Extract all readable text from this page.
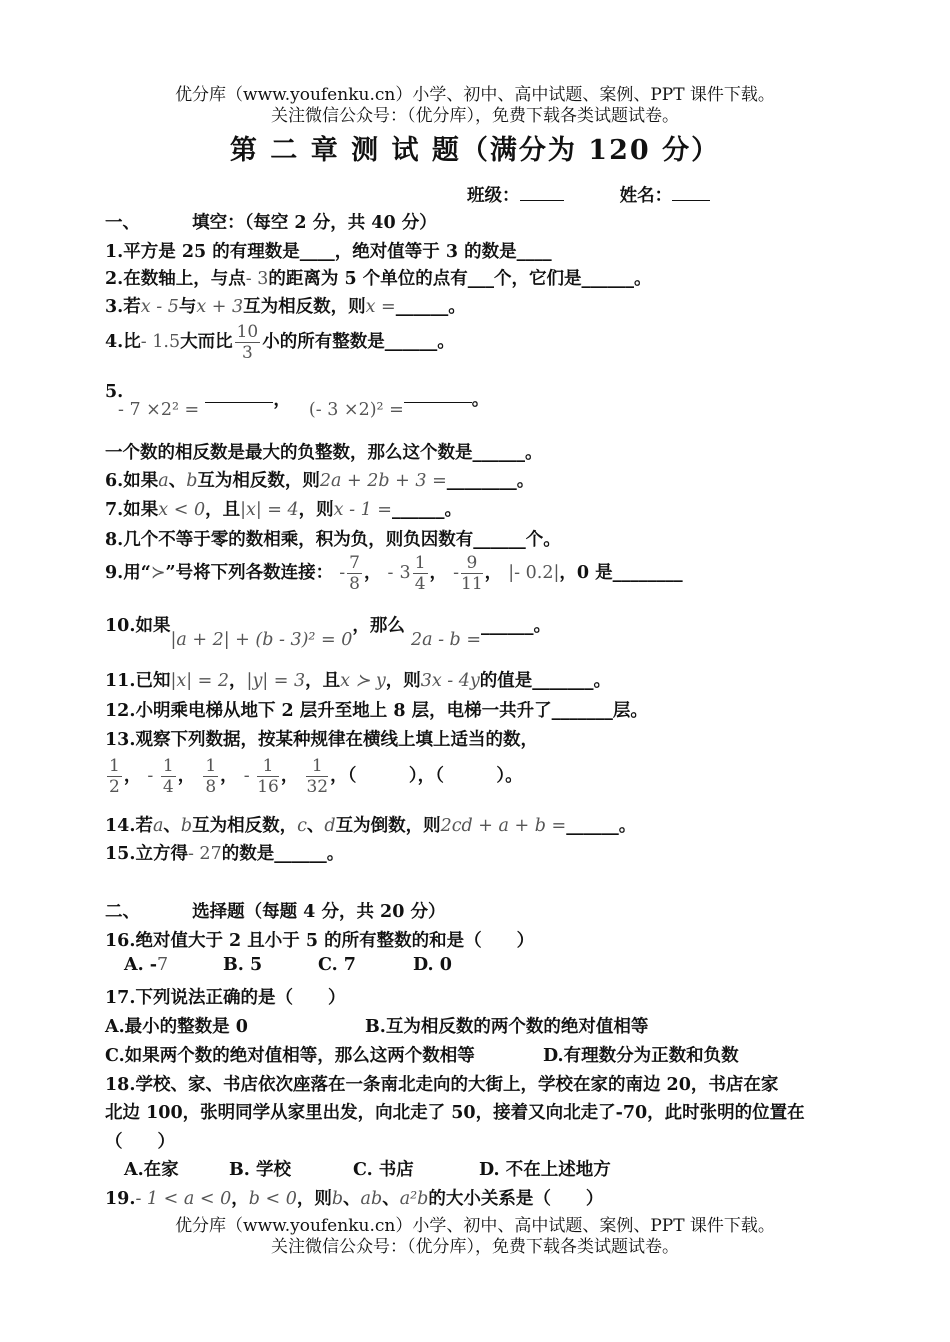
优分库（www.youfenku.cn）小学、初中、高中试题、案例、PPT 课件下载。
关注微信公众号：（优分库），免费下载各类试题试卷。
第 二 章 测 试 题（满分为 120 分）
班级：	姓名：
一、	填空：（每空 2 分，共 40 分）
1.平方是 25 的有理数是____，绝对值等于 3 的数是____
2.在数轴上，与点- 3的距离为 5 个单位的点有___个，它们是______。
3.若x - 5与x + 3互为相反数，则x =______。
4.比- 1.5大而比 $\frac{10}{3}$ 小的所有整数是______。
5.
- 7 ×2² =	， (- 3 ×2)² =	。
一个数的相反数是最大的负整数，那么这个数是______。
6.如果a、b互为相反数，则2a + 2b + 3 =________。
7.如果x < 0，且|x| = 4，则x - 1 =______。
8.几个不等于零的数相乘，积为负，则负因数有______个。
9.用“≻”号将下列各数连接： - $\frac{7}{8}$ ， - $3 \frac{1}{4}$ ， - $\frac{9}{11}$ ， |- 0.2|，0 是________
10.如果|a + 2| + (b - 3)² = 0，那么 2a - b =______。
11.已知|x| = 2，|y| = 3，且x ≻ y，则3x - 4y的值是_______。
12.小明乘电梯从地下 2 层升至地上 8 层，电梯一共升了_______层。
13.观察下列数据，按某种规律在横线上填上适当的数，
$\frac{1}{2}$ ， - $\frac{1}{4}$ ， $\frac{1}{8}$ ， - $\frac{1}{16}$ ， $\frac{1}{32}$ ，（　　　），（　　　）。
14.若a、b互为相反数，c、d互为倒数，则2cd + a + b =______。
15.立方得- 27的数是______。
二、	选择题（每题 4 分，共 20 分）
16.绝对值大于 2 且小于 5 的所有整数的和是（　　）
A. -7	B. 5	C. 7	D. 0
17.下列说法正确的是（　　）
A.最小的整数是 0	B.互为相反数的两个数的绝对值相等
C.如果两个数的绝对值相等，那么这两个数相等	D.有理数分为正数和负数
18.学校、家、书店依次座落在一条南北走向的大街上，学校在家的南边 20，书店在家
北边 100，张明同学从家里出发，向北走了 50，接着又向北走了-70，此时张明的位置在
（　　）
A.在家	B. 学校	C. 书店	D. 不在上述地方
19.- 1 < a < 0，b < 0，则b、ab、a²b的大小关系是（　　）
优分库（www.youfenku.cn）小学、初中、高中试题、案例、PPT 课件下载。
关注微信公众号：（优分库），免费下载各类试题试卷。
